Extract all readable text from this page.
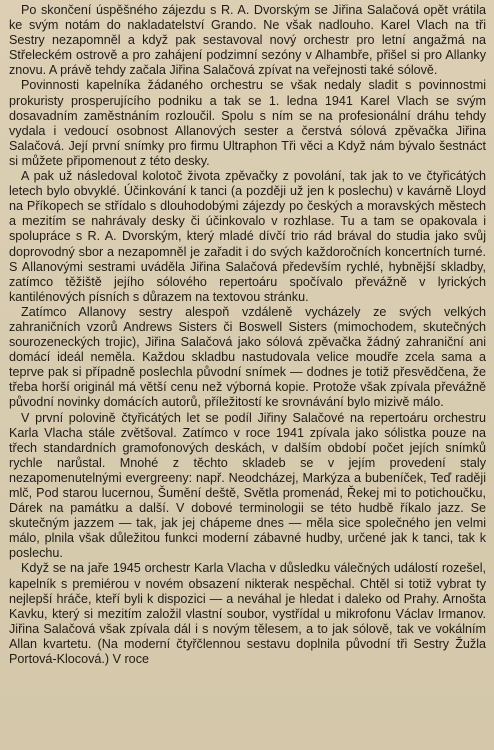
Po skončení úspěšného zájezdu s R. A. Dvorským se Jiřina Salačová opět vrátila ke svým notám do nakladatelství Grando. Ne však nadlouho. Karel Vlach na tři Sestry nezapomněl a když pak sestavoval nový orchestr pro letní angažmá na Střeleckém ostrově a pro zahájení podzimní sezóny v Alhambře, přišel si pro Allanky znovu. A právě tehdy začala Jiřina Salačová zpívat na veřejnosti také sólově.

Povinnosti kapelníka žádaného orchestru se však nedaly sladit s povinnostmi prokuristy prosperujícího podniku a tak se 1. ledna 1941 Karel Vlach se svým dosavadním zaměstnáním rozloučil. Spolu s ním se na profesionální dráhu tehdy vydala i vedoucí osobnost Allanových sester a čerstvá sólová zpěvačka Jiřina Salačová. Její první snímky pro firmu Ultraphon Tři věci a Když nám bývalo šestnáct si můžete připomenout z této desky.

A pak už následoval kolotoč života zpěvačky z povolání, tak jak to ve čtyřicátých letech bylo obvyklé. Účinkování k tanci (a později už jen k poslechu) v kavárně Lloyd na Příkopech se střídalo s dlouhodobými zájezdy po českých a moravských městech a mezitím se nahrávaly desky či účinkovalo v rozhlase. Tu a tam se opakovala i spolupráce s R. A. Dvorským, který mladé dívčí trio rád brával do studia jako svůj doprovodný sbor a nezapomněl je zařadit i do svých každoročních koncertních turné. S Allanovými sestrami uváděla Jiřina Salačová především rychlé, hybnější skladby, zatímco těžiště jejího sólového repertoáru spočívalo převážně v lyrických kantilénových písních s důrazem na textovou stránku.

Zatímco Allanovy sestry alespoň vzdáleně vycházely ze svých velkých zahraničních vzorů Andrews Sisters či Boswell Sisters (mimochodem, skutečných sourozeneckých trojic), Jiřina Salačová jako sólová zpěvačka žádný zahraniční ani domácí ideál neměla. Každou skladbu nastudovala velice moudře zcela sama a teprve pak si případně poslechla původní snímek — dodnes je totiž přesvědčena, že třeba horší originál má větší cenu než výborná kopie. Protože však zpívala převážně původní novinky domácích autorů, příležitostí ke srovnávání bylo mizivě málo.

V první polovině čtyřicátých let se podíl Jiřiny Salačové na repertoáru orchestru Karla Vlacha stále zvětšoval. Zatímco v roce 1941 zpívala jako sólistka pouze na třech standardních gramofonových deskách, v dalším období počet jejích snímků rychle narůstal. Mnohé z těchto skladeb se v jejím provedení staly nezapomenutelnými evergreeny: např. Neodcházej, Markýza a bubeníček, Teď raději mlč, Pod starou lucernou, Šumění deště, Světla promenád, Řekej mi to potichoučku, Dárek na památku a další. V dobové terminologii se této hudbě říkalo jazz. Se skutečným jazzem — tak, jak jej chápeme dnes — měla sice společného jen velmi málo, plnila však důležitou funkci moderní zábavné hudby, určené jak k tanci, tak k poslechu.

Když se na jaře 1945 orchestr Karla Vlacha v důsledku válečných událostí rozešel, kapelník s premiérou v novém obsazení nikterak nespěchal. Chtěl si totiž vybrat ty nejlepší hráče, kteří byli k dispozici — a neváhal je hledat i daleko od Prahy. Arnošta Kavku, který si mezitím založil vlastní soubor, vystřídal u mikrofonu Václav Irmanov. Jiřina Salačová však zpívala dál i s novým tělesem, a to jak sólově, tak ve vokálním Allan kvartetu. (Na moderní čtyřčlennou sestavu doplnila původní tři Sestry Žužla Portová-Klocová.) V roce
